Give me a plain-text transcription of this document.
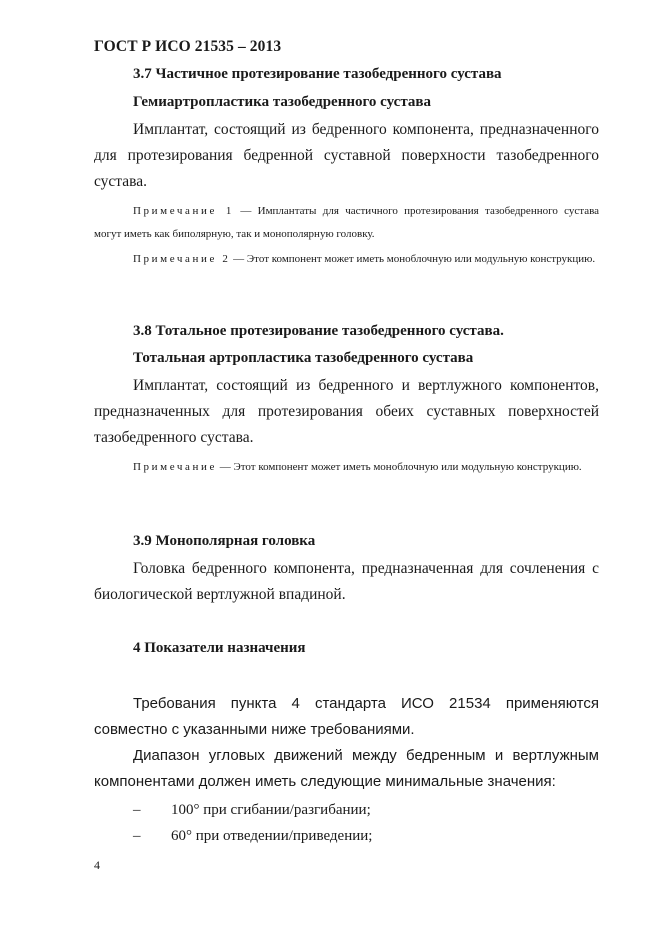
ГОСТ Р ИСО 21535 – 2013
3.7 Частичное протезирование тазобедренного сустава
Гемиартропластика тазобедренного сустава
Имплантат, состоящий из бедренного компонента, предназначенного для протезирования бедренной суставной поверхности тазобедренного сустава.
Примечание 1 — Имплантаты для частичного протезирования тазобедренного сустава могут иметь как биполярную, так и монополярную головку.
Примечание 2 — Этот компонент может иметь моноблочную или модульную конструкцию.
3.8 Тотальное протезирование тазобедренного сустава.
Тотальная артропластика тазобедренного сустава
Имплантат, состоящий из бедренного и вертлужного компонентов, предназначенных для протезирования обеих суставных поверхностей тазобедренного сустава.
Примечание — Этот компонент может иметь моноблочную или модульную конструкцию.
3.9 Монополярная головка
Головка бедренного компонента, предназначенная для сочленения с биологической вертлужной впадиной.
4 Показатели назначения
Требования пункта 4 стандарта ИСО 21534 применяются совместно с указанными ниже требованиями.
Диапазон угловых движений между бедренным и вертлужным компонентами должен иметь следующие минимальные значения:
– 100° при сгибании/разгибании;
– 60° при отведении/приведении;
4
